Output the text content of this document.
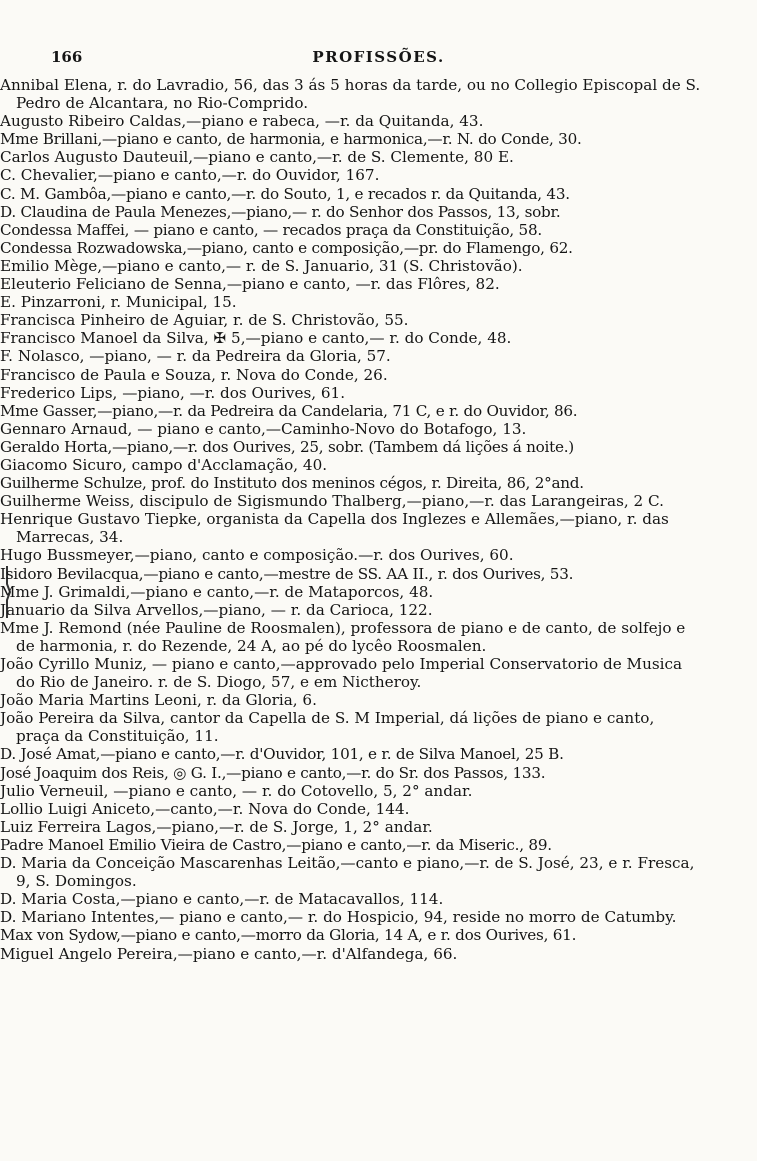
166	PROFISSÕES.

Annibal Elena, r. do Lavradio, 56, das 3 ás 5 horas da tarde, ou no Collegio Episcopal de S. Pedro de Alcantara, no Rio-Comprido.

Augusto Ribeiro Caldas,—piano e rabeca, —r. da Quitanda, 43.

Mme Brillani,—piano e canto, de harmonia, e harmonica,—r. N. do Conde, 30.

Carlos Augusto Dauteuil,—piano e canto,—r. de S. Clemente, 80 E.

C. Chevalier,—piano e canto,—r. do Ouvidor, 167.

C. M. Gambôa,—piano e canto,—r. do Souto, 1, e recados r. da Quitanda, 43.

D. Claudina de Paula Menezes,—piano,— r. do Senhor dos Passos, 13, sobr.

Condessa Maffei, — piano e canto, — recados praça da Constituição, 58.

Condessa Rozwadowska,—piano, canto e composição,—pr. do Flamengo, 62.

Emilio Mège,—piano e canto,— r. de S. Januario, 31 (S. Christovão).

Eleuterio Feliciano de Senna,—piano e canto, —r. das Flôres, 82.

E. Pinzarroni, r. Municipal, 15.

Francisca Pinheiro de Aguiar, r. de S. Christovão, 55.

Francisco Manoel da Silva, ✠ 5,—piano e canto,— r. do Conde, 48.

F. Nolasco, —piano, — r. da Pedreira da Gloria, 57.

Francisco de Paula e Souza, r. Nova do Conde, 26.

Frederico Lips, —piano, —r. dos Ourives, 61.

Mme Gasser,—piano,—r. da Pedreira da Candelaria, 71 C, e r. do Ouvidor, 86.

Gennaro Arnaud, — piano e canto,—Caminho-Novo do Botafogo, 13.

Geraldo Horta,—piano,—r. dos Ourives, 25, sobr. (Tambem dá lições á noite.)

Giacomo Sicuro, campo d'Acclamação, 40.

Guilherme Schulze, prof. do Instituto dos meninos cégos, r. Direita, 86, 2°and.

Guilherme Weiss, discipulo de Sigismundo Thalberg,—piano,—r. das Larangeiras, 2 C.

Henrique Gustavo Tiepke, organista da Capella dos Inglezes e Allemães,—piano, r. das Marrecas, 34.

Hugo Bussmeyer,—piano, canto e composição.—r. dos Ourives, 60.

Isidoro Bevilacqua,—piano e canto,—mestre de SS. AA II., r. dos Ourives, 53.

Mme J. Grimaldi,—piano e canto,—r. de Mataporcos, 48.

Januario da Silva Arvellos,—piano, — r. da Carioca, 122.

Mme J. Remond (née Pauline de Roosmalen), professora de piano e de canto, de solfejo e de harmonia, r. do Rezende, 24 A, ao pé do lycêo Roosmalen.

João Cyrillo Muniz, — piano e canto,—approvado pelo Imperial Conservatorio de Musica do Rio de Janeiro. r. de S. Diogo, 57, e em Nictheroy.

João Maria Martins Leoni, r. da Gloria, 6.

João Pereira da Silva, cantor da Capella de S. M Imperial, dá lições de piano e canto, praça da Constituição, 11.

D. José Amat,—piano e canto,—r. d'Ouvidor, 101, e r. de Silva Manoel, 25 B.

José Joaquim dos Reis, ◎ G. I.,—piano e canto,—r. do Sr. dos Passos, 133.

Julio Verneuil, —piano e canto, — r. do Cotovello, 5, 2° andar.

Lollio Luigi Aniceto,—canto,—r. Nova do Conde, 144.

Luiz Ferreira Lagos,—piano,—r. de S. Jorge, 1, 2° andar.

Padre Manoel Emilio Vieira de Castro,—piano e canto,—r. da Miseric., 89.

D. Maria da Conceição Mascarenhas Leitão,—canto e piano,—r. de S. José, 23, e r. Fresca, 9, S. Domingos.

D. Maria Costa,—piano e canto,—r. de Matacavallos, 114.

D. Mariano Intentes,— piano e canto,— r. do Hospicio, 94, reside no morro de Catumby.

Max von Sydow,—piano e canto,—morro da Gloria, 14 A, e r. dos Ourives, 61.

Miguel Angelo Pereira,—piano e canto,—r. d'Alfandega, 66.
